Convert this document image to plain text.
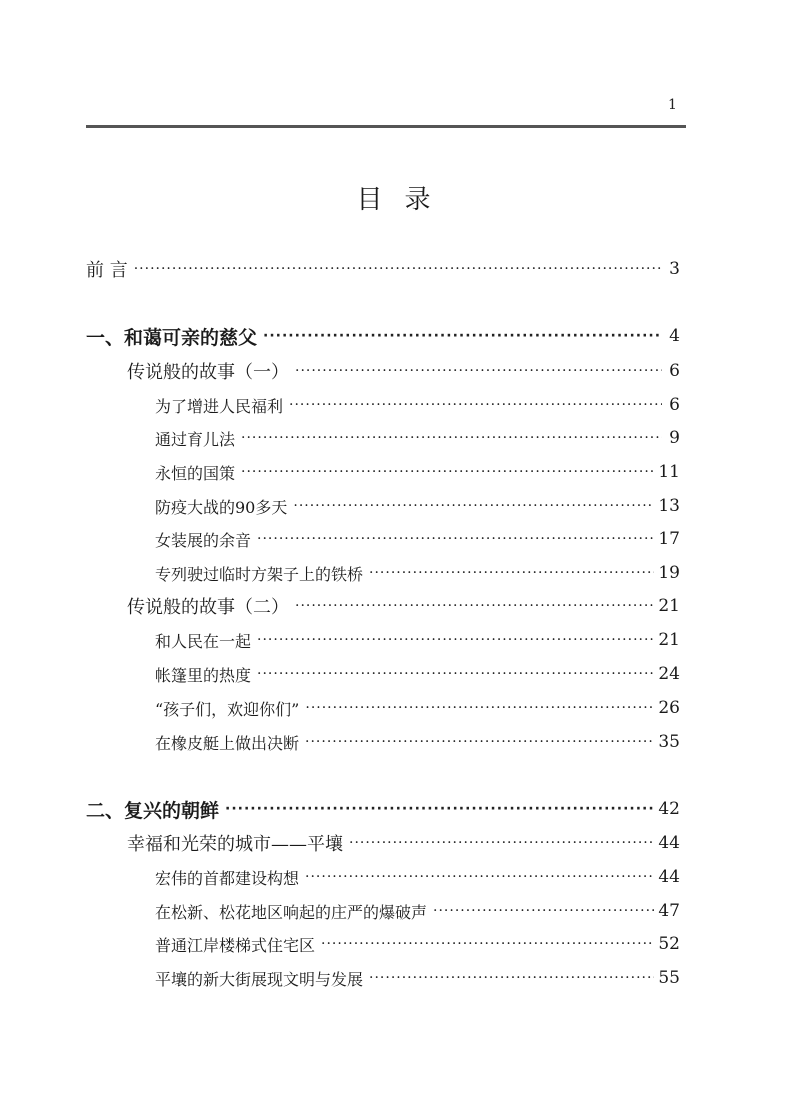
1
目录
前 言 ·····	3
一、和蔼可亲的慈父 ·····	4
传说般的故事（一） ·····	6
为了增进人民福利 ·····	6
通过育儿法 ·····	9
永恒的国策 ·····	11
防疫大战的90多天 ·····	13
女装展的余音 ·····	17
专列驶过临时方架子上的铁桥 ·····	19
传说般的故事（二） ·····	21
和人民在一起 ·····	21
帐篷里的热度 ·····	24
“孩子们，欢迎你们” ·····	26
在橡皮艇上做出决断 ·····	35
二、复兴的朝鲜 ·····	42
幸福和光荣的城市——平壤 ·····	44
宏伟的首都建设构想 ·····	44
在松新、松花地区响起的庄严的爆破声 ·····	47
普通江岸楼梯式住宅区 ·····	52
平壤的新大街展现文明与发展 ·····	55
